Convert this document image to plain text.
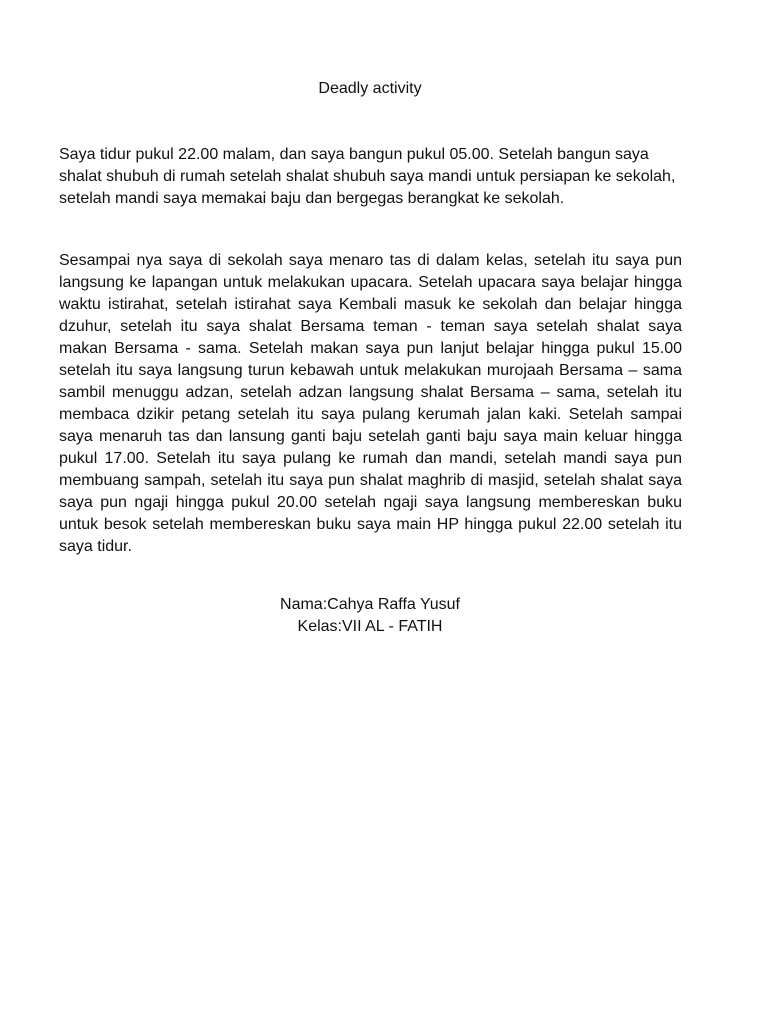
Deadly activity

Saya tidur pukul 22.00 malam, dan saya bangun pukul 05.00. Setelah bangun saya shalat shubuh di rumah setelah shalat shubuh saya mandi untuk persiapan ke sekolah, setelah mandi saya memakai baju dan bergegas berangkat ke sekolah.

Sesampai nya saya di sekolah saya menaro tas di dalam kelas, setelah itu saya pun langsung ke lapangan untuk melakukan upacara. Setelah upacara saya belajar hingga waktu istirahat, setelah istirahat saya Kembali masuk ke sekolah dan belajar hingga dzuhur, setelah itu saya shalat Bersama teman - teman saya setelah shalat saya makan Bersama - sama. Setelah makan saya pun lanjut belajar hingga pukul 15.00 setelah itu saya langsung turun kebawah untuk melakukan murojaah Bersama – sama sambil menuggu adzan, setelah adzan langsung shalat Bersama – sama, setelah itu membaca dzikir petang setelah itu saya pulang kerumah jalan kaki. Setelah sampai saya menaruh tas dan lansung ganti baju setelah ganti baju saya main keluar hingga pukul 17.00. Setelah itu saya pulang ke rumah dan mandi, setelah mandi saya pun membuang sampah, setelah itu saya pun shalat maghrib di masjid, setelah shalat saya saya pun ngaji hingga pukul 20.00 setelah ngaji saya langsung membereskan buku untuk besok setelah membereskan buku saya main HP hingga pukul 22.00 setelah itu saya tidur.

Nama:Cahya Raffa Yusuf
Kelas:VII AL - FATIH
